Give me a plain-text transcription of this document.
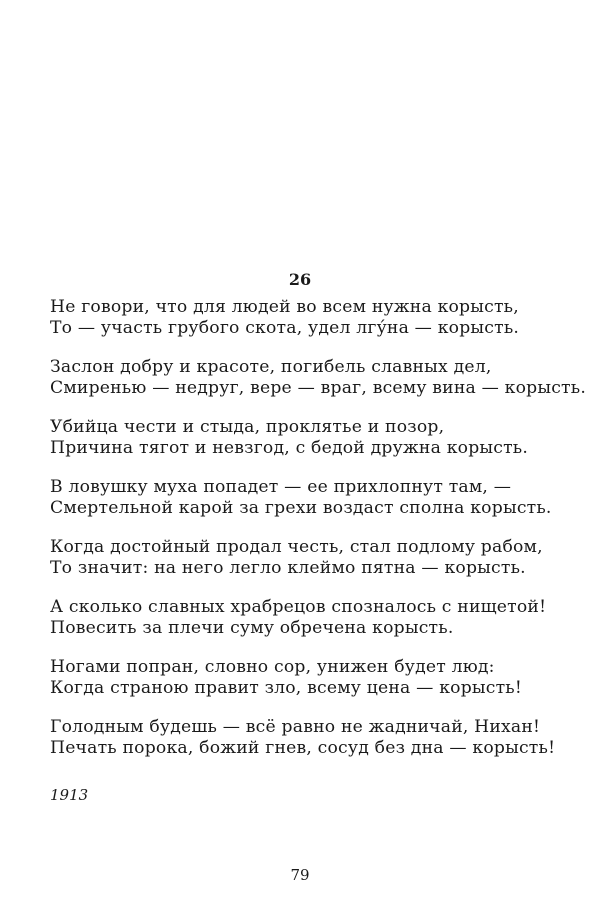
26
Не говори, что для людей во всем нужна корысть,
То — участь грубого скота, удел лгу́на — корысть.
Заслон добру и красоте, погибель славных дел,
Смиренью — недруг, вере — враг, всему вина — корысть.
Убийца чести и стыда, проклятье и позор,
Причина тягот и невзгод, с бедой дружна корысть.
В ловушку муха попадет — ее прихлопнут там, —
Смертельной карой за грехи воздаст сполна корысть.
Когда достойный продал честь, стал подлому рабом,
То значит: на него легло клеймо пятна — корысть.
А сколько славных храбрецов спозналось с нищетой!
Повесить за плечи суму обречена корысть.
Ногами попран, словно сор, унижен будет люд:
Когда страною правит зло, всему цена — корысть!
Голодным будешь — всё равно не жадничай, Нихан!
Печать порока, божий гнев, сосуд без дна — корысть!
1913
79
